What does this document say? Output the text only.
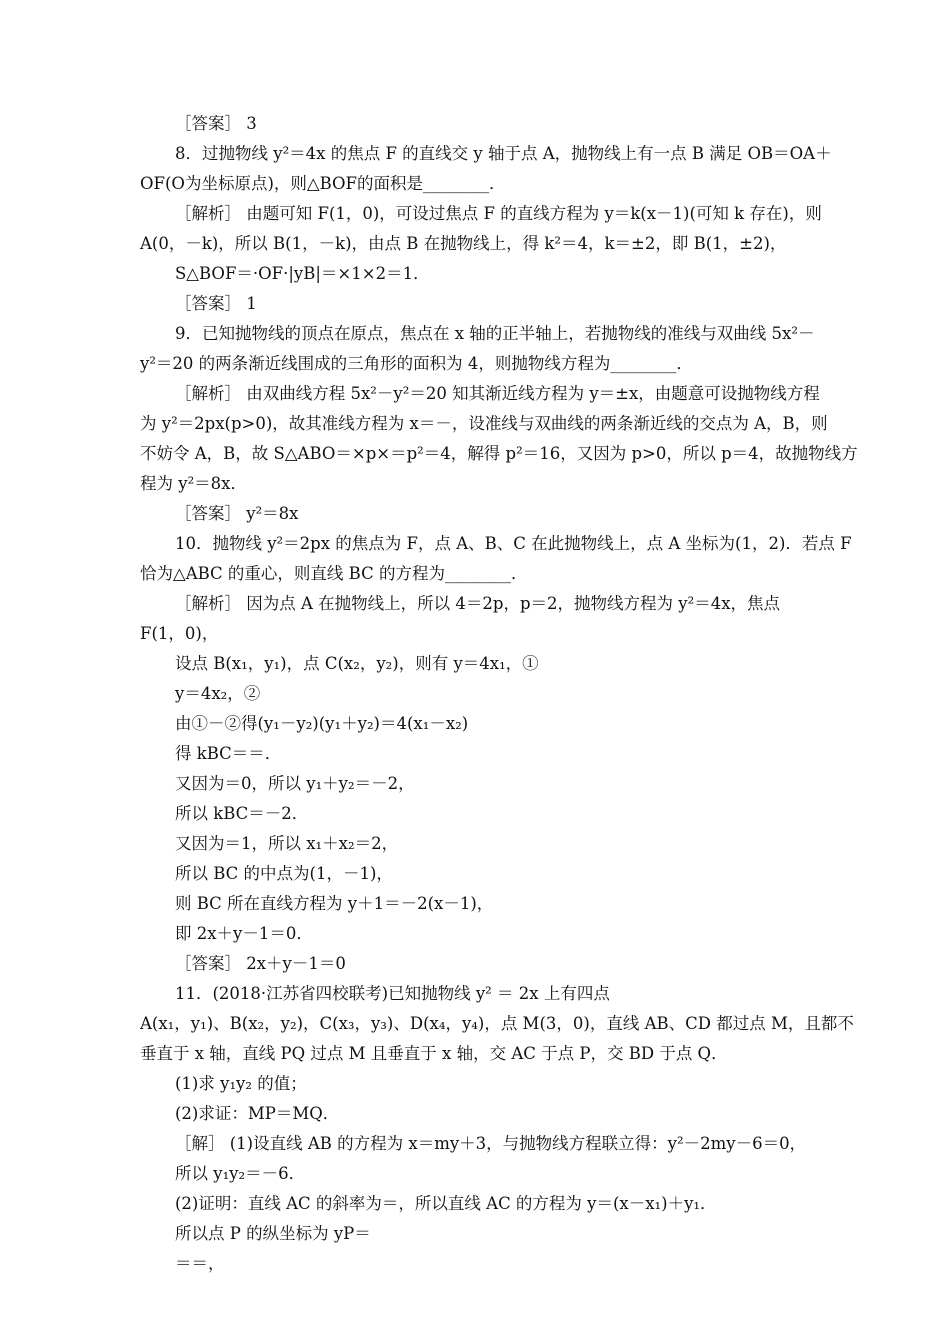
［答案］ 3
8．过抛物线 y²＝4x 的焦点 F 的直线交 y 轴于点 A，抛物线上有一点 B 满足 OB＝OA＋
OF(O为坐标原点)，则△BOF的面积是________．
［解析］ 由题可知 F(1，0)，可设过焦点 F 的直线方程为 y＝k(x－1)(可知 k 存在)，则
A(0，－k)，所以 B(1，－k)，由点 B 在抛物线上，得 k²＝4，k＝±2，即 B(1，±2)，
S△BOF＝·OF·|yB|＝×1×2＝1．
［答案］ 1
9．已知抛物线的顶点在原点，焦点在 x 轴的正半轴上，若抛物线的准线与双曲线 5x²－
y²＝20 的两条渐近线围成的三角形的面积为 4，则抛物线方程为________．
［解析］ 由双曲线方程 5x²－y²＝20 知其渐近线方程为 y＝±x，由题意可设抛物线方程
为 y²＝2px(p>0)，故其准线方程为 x＝－，设准线与双曲线的两条渐近线的交点为 A，B，则
不妨令 A，B，故 S△ABO＝×p×＝p²＝4，解得 p²＝16，又因为 p>0，所以 p＝4，故抛物线方
程为 y²＝8x．
［答案］ y²＝8x
10．抛物线 y²＝2px 的焦点为 F，点 A、B、C 在此抛物线上，点 A 坐标为(1，2)．若点 F
恰为△ABC 的重心，则直线 BC 的方程为________．
［解析］ 因为点 A 在抛物线上，所以 4＝2p，p＝2，抛物线方程为 y²＝4x，焦点
F(1，0)，
设点 B(x₁，y₁)，点 C(x₂，y₂)，则有 y＝4x₁，①
y＝4x₂，②
由①－②得(y₁－y₂)(y₁＋y₂)＝4(x₁－x₂)
得 kBC＝＝．
又因为＝0，所以 y₁＋y₂＝－2，
所以 kBC＝－2．
又因为＝1，所以 x₁＋x₂＝2，
所以 BC 的中点为(1，－1)，
则 BC 所在直线方程为 y＋1＝－2(x－1)，
即 2x＋y－1＝0．
［答案］ 2x＋y－1＝0
11．(2018·江苏省四校联考)已知抛物线 y² ＝ 2x 上有四点
A(x₁，y₁)、B(x₂，y₂)，C(x₃，y₃)、D(x₄，y₄)，点 M(3，0)，直线 AB、CD 都过点 M，且都不
垂直于 x 轴，直线 PQ 过点 M 且垂直于 x 轴，交 AC 于点 P，交 BD 于点 Q．
(1)求 y₁y₂ 的值；
(2)求证：MP＝MQ．
［解］ (1)设直线 AB 的方程为 x＝my＋3，与抛物线方程联立得：y²－2my－6＝0，
所以 y₁y₂＝－6．
(2)证明：直线 AC 的斜率为＝，所以直线 AC 的方程为 y＝(x－x₁)＋y₁．
所以点 P 的纵坐标为 yP＝
＝＝，
